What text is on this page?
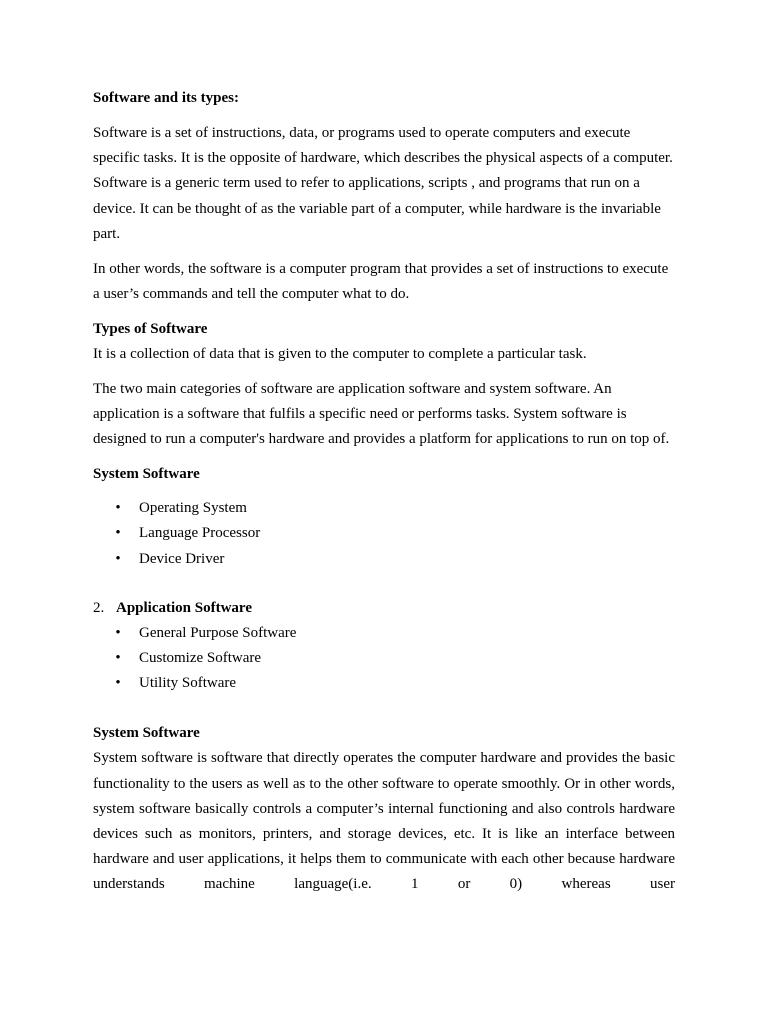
Software and its types:

Software is a set of instructions, data, or programs used to operate computers and execute specific tasks. It is the opposite of hardware, which describes the physical aspects of a computer. Software is a generic term used to refer to applications, scripts , and programs that run on a device. It can be thought of as the variable part of a computer, while hardware is the invariable part.

In other words, the software is a computer program that provides a set of instructions to execute a user’s commands and tell the computer what to do.

Types of Software

It is a collection of data that is given to the computer to complete a particular task.

The two main categories of software are application software and system software. An application is a software that fulfils a specific need or performs tasks. System software is designed to run a computer's hardware and provides a platform for applications to run on top of.

System Software

• Operating System
• Language Processor
• Device Driver

2. Application Software

• General Purpose Software
• Customize Software
• Utility Software

System Software

System software is software that directly operates the computer hardware and provides the basic functionality to the users as well as to the other software to operate smoothly. Or in other words, system software basically controls a computer’s internal functioning and also controls hardware devices such as monitors, printers, and storage devices, etc. It is like an interface between hardware and user applications, it helps them to communicate with each other because hardware understands machine language(i.e. 1 or 0) whereas user
